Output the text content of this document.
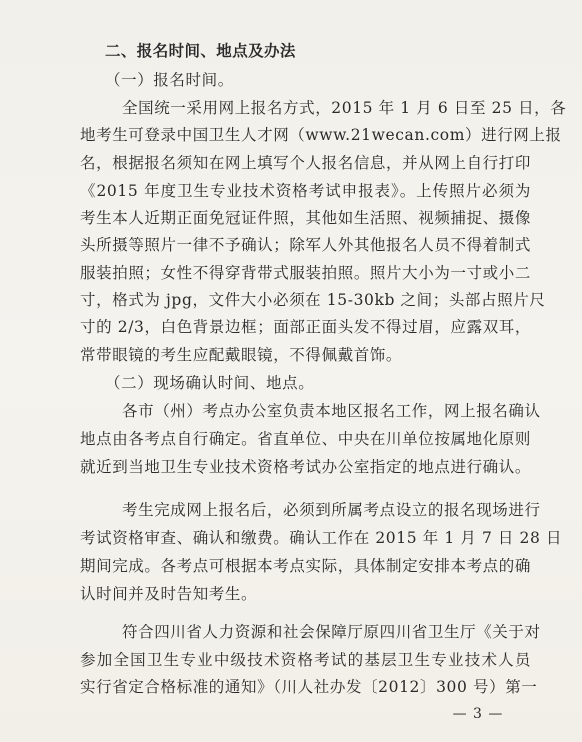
二、报名时间、地点及办法
（一）报名时间。
全国统一采用网上报名方式，2015 年 1 月 6 日至 25 日，各
地考生可登录中国卫生人才网（www.21wecan.com）进行网上报
名，根据报名须知在网上填写个人报名信息，并从网上自行打印
《2015 年度卫生专业技术资格考试申报表》。上传照片必须为
考生本人近期正面免冠证件照，其他如生活照、视频捕捉、摄像
头所摄等照片一律不予确认；除军人外其他报名人员不得着制式
服装拍照；女性不得穿背带式服装拍照。照片大小为一寸或小二
寸，格式为 jpg，文件大小必须在 15-30kb 之间；头部占照片尺
寸的 2/3，白色背景边框；面部正面头发不得过眉，应露双耳，
常带眼镜的考生应配戴眼镜，不得佩戴首饰。
（二）现场确认时间、地点。
各市（州）考点办公室负责本地区报名工作，网上报名确认
地点由各考点自行确定。省直单位、中央在川单位按属地化原则
就近到当地卫生专业技术资格考试办公室指定的地点进行确认。
考生完成网上报名后，必须到所属考点设立的报名现场进行
考试资格审查、确认和缴费。确认工作在 2015 年 1 月 7 日 28 日
期间完成。各考点可根据本考点实际，具体制定安排本考点的确
认时间并及时告知考生。
符合四川省人力资源和社会保障厅原四川省卫生厅《关于对
参加全国卫生专业中级技术资格考试的基层卫生专业技术人员
实行省定合格标准的通知》（川人社办发〔2012〕300 号）第一
— 3 —
